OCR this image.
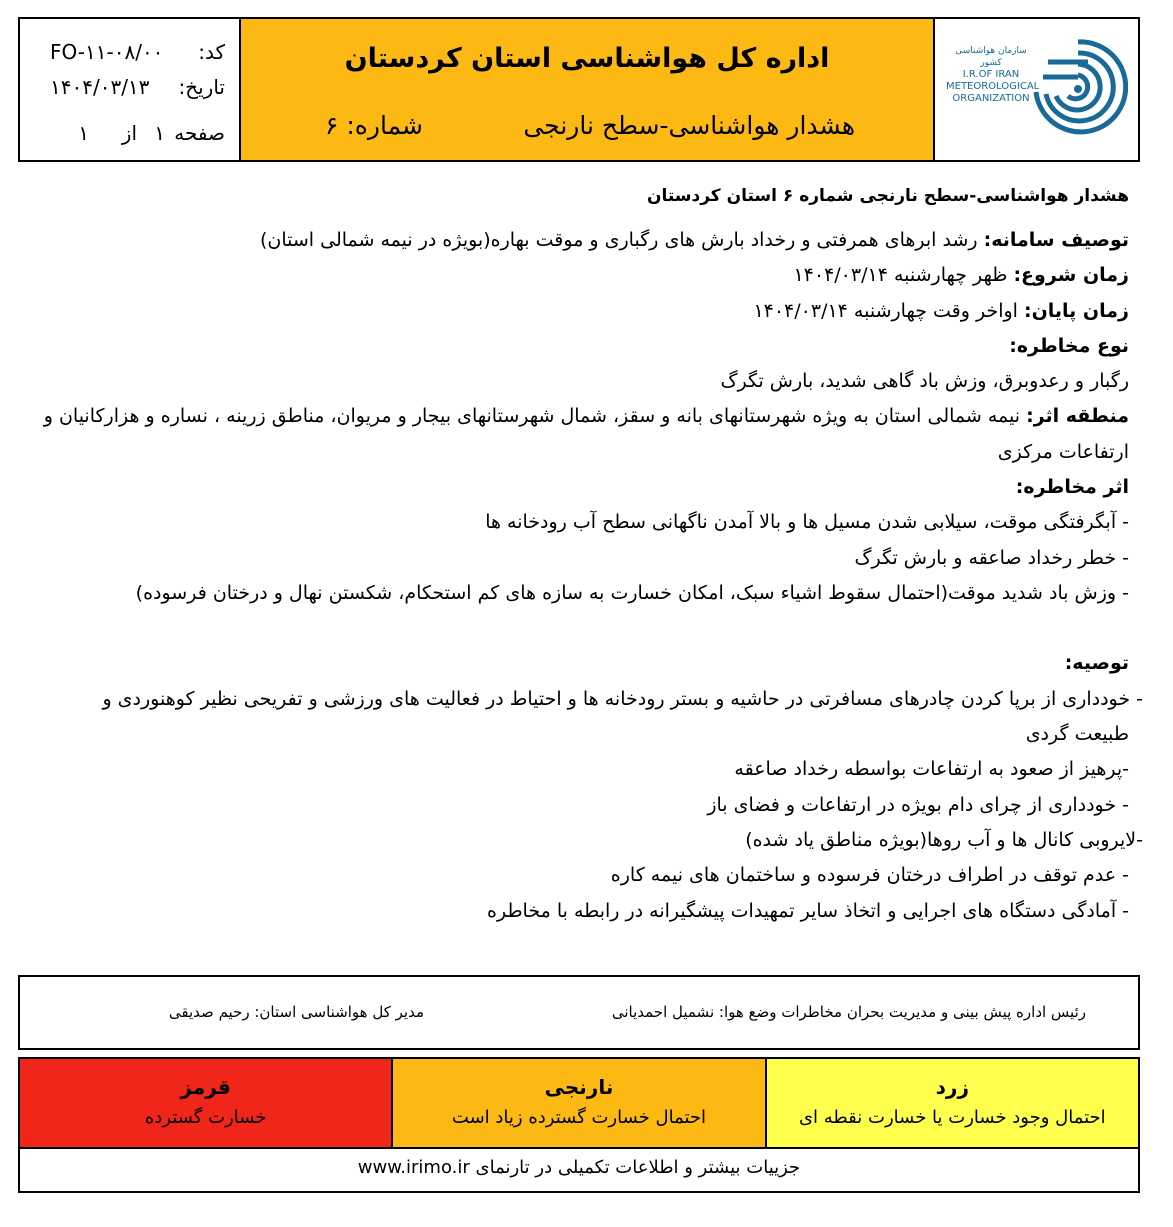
کد:
FO-۱۱-۰۸/۰۰
تاریخ:
۱۴۰۴/۰۳/۱۳
صفحه
۱
از
۱
اداره کل هواشناسی استان کردستان
هشدار هواشناسی-سطح نارنجی
شماره: ۶
سازمان هواشناسی کشور
I.R.OF IRAN
METEOROLOGICAL
ORGANIZATION
هشدار هواشناسی-سطح نارنجی شماره ۶ استان کردستان
توصیف سامانه: رشد ابرهای همرفتی و رخداد بارش های رگباری و موقت بهاره(بویژه در نیمه شمالی استان)
زمان شروع: ظهر چهارشنبه ۱۴۰۴/۰۳/۱۴
زمان پایان: اواخر وقت چهارشنبه ۱۴۰۴/۰۳/۱۴
نوع مخاطره:
رگبار و رعدوبرق، وزش باد گاهی شدید، بارش تگرگ
منطقه اثر: نیمه شمالی استان به ویژه شهرستانهای بانه و سقز، شمال شهرستانهای بیجار و مریوان، مناطق زرینه ، نساره و هزارکانیان و
ارتفاعات مرکزی
اثر مخاطره:
- آبگرفتگی موقت، سیلابی شدن مسیل ها و بالا آمدن ناگهانی سطح آب رودخانه ها
- خطر رخداد صاعقه و بارش تگرگ
- وزش باد شدید موقت(احتمال سقوط اشیاء سبک، امکان خسارت به سازه های کم استحکام، شکستن نهال و درختان فرسوده)
توصیه:
- خودداری از برپا کردن چادرهای مسافرتی در حاشیه و بستر رودخانه ها و احتیاط در فعالیت های ورزشی و تفریحی نظیر کوهنوردی و
طبیعت گردی
-پرهیز از صعود به ارتفاعات بواسطه رخداد صاعقه
- خودداری از چرای دام بویژه در ارتفاعات و فضای باز
-لایروبی کانال ها و آب روها(بویژه مناطق یاد شده)
- عدم توقف در اطراف درختان فرسوده و ساختمان های نیمه کاره
- آمادگی دستگاه های اجرایی و اتخاذ سایر تمهیدات پیشگیرانه در رابطه با مخاطره
رئیس اداره پیش بینی و مدیریت بحران مخاطرات وضع هوا: نشمیل احمدیانی
مدیر کل هواشناسی استان: رحیم صدیقی
قرمز
خسارت گسترده
نارنجی
احتمال خسارت گسترده زیاد است
زرد
احتمال وجود خسارت یا خسارت نقطه ای
جزییات بیشتر و اطلاعات تکمیلی در تارنمای www.irimo.ir
